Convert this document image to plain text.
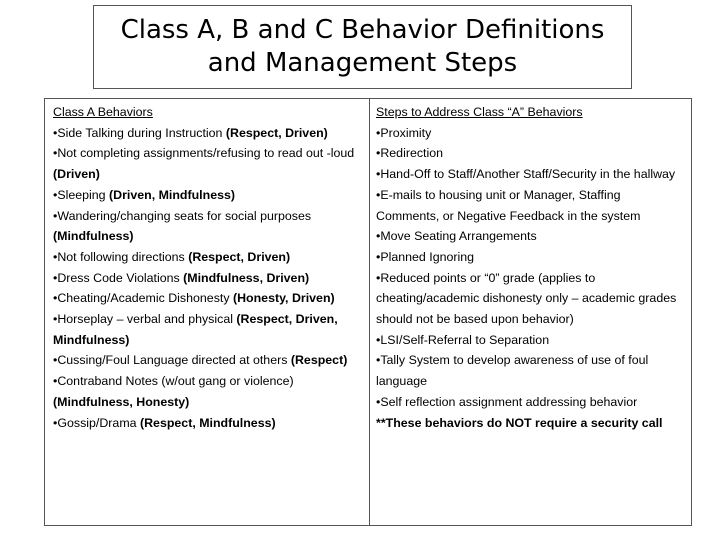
Class A, B and C Behavior Definitions
and Management Steps
Class A Behaviors
•Side Talking during Instruction (Respect, Driven)
•Not completing assignments/refusing to read out -loud (Driven)
•Sleeping (Driven, Mindfulness)
•Wandering/changing seats for social purposes (Mindfulness)
•Not following directions (Respect, Driven)
•Dress Code Violations (Mindfulness, Driven)
•Cheating/Academic Dishonesty (Honesty, Driven)
•Horseplay – verbal and physical (Respect, Driven, Mindfulness)
•Cussing/Foul Language directed at others (Respect)
•Contraband Notes (w/out gang or violence) (Mindfulness, Honesty)
•Gossip/Drama (Respect, Mindfulness)
Steps to Address Class “A” Behaviors
•Proximity
•Redirection
•Hand-Off to Staff/Another Staff/Security in the hallway
•E-mails to housing unit or Manager, Staffing Comments, or Negative Feedback in the system
•Move Seating Arrangements
•Planned Ignoring
•Reduced points or “0” grade (applies to cheating/academic dishonesty only – academic grades should not be based upon behavior)
•LSI/Self-Referral to Separation
•Tally System to develop awareness of use of foul language
•Self reflection assignment addressing behavior
**These behaviors do NOT require a security call
